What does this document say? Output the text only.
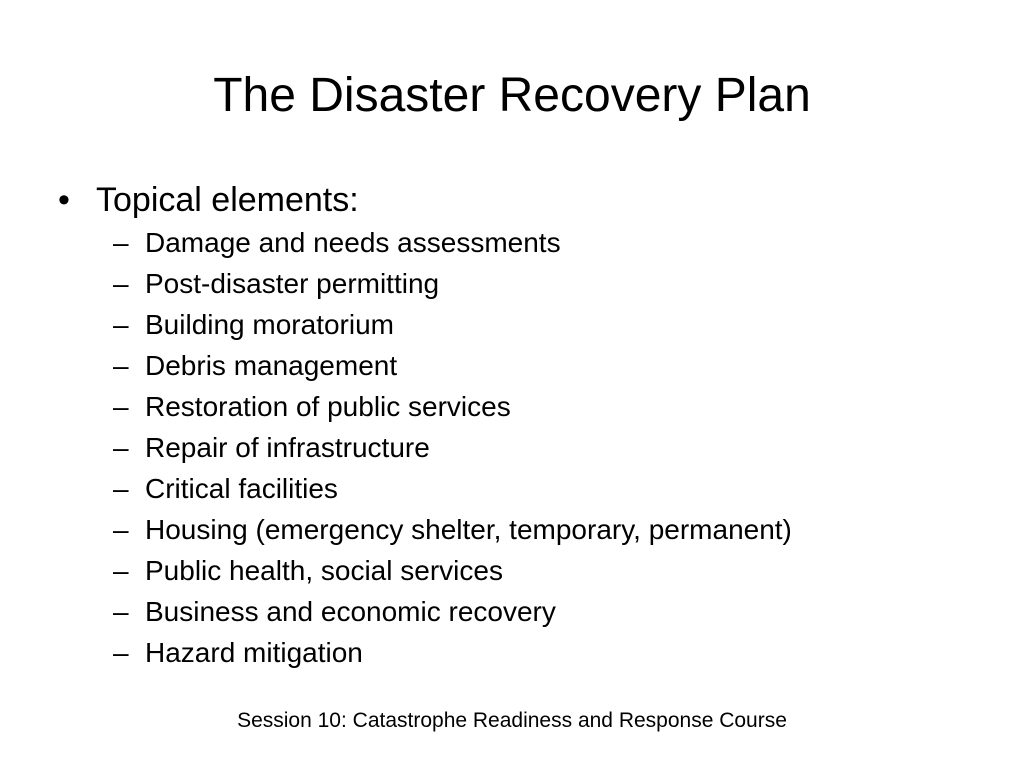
The Disaster Recovery Plan
• Topical elements:
– Damage and needs assessments
– Post-disaster permitting
– Building moratorium
– Debris management
– Restoration of public services
– Repair of infrastructure
– Critical facilities
– Housing (emergency shelter, temporary, permanent)
– Public health, social services
– Business and economic recovery
– Hazard mitigation
Session 10: Catastrophe Readiness and Response Course
